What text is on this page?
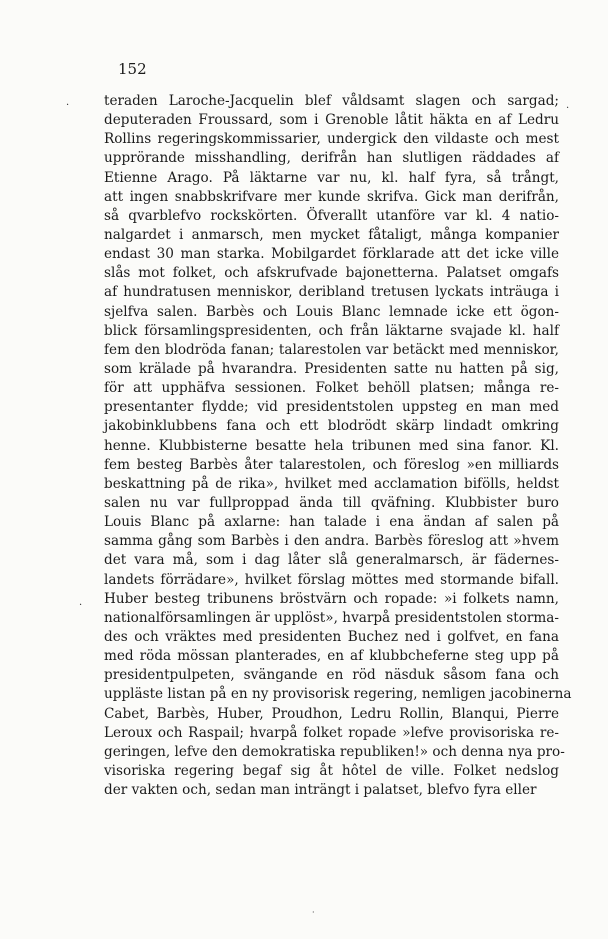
152

·	.
·
·
teraden Laroche-Jacquelin blef våldsamt slagen och sargad;
deputeraden Froussard, som i Grenoble låtit häkta en af Ledru
Rollins regeringskommissarier, undergick den vildaste och mest
upprörande misshandling, derifrån han slutligen räddades af
Etienne Arago. På läktarne var nu, kl. half fyra, så trångt,
att ingen snabbskrifvare mer kunde skrifva. Gick man derifrån,
så qvarblefvo rockskörten. Öfverallt utanföre var kl. 4 natio-
nalgardet i anmarsch, men mycket fåtaligt, många kompanier
endast 30 man starka. Mobilgardet förklarade att det icke ville
slås mot folket, och afskrufvade bajonetterna. Palatset omgafs
af hundratusen menniskor, deribland tretusen lyckats inträuga i
sjelfva salen. Barbès och Louis Blanc lemnade icke ett ögon-
blick församlingspresidenten, och från läktarne svajade kl. half
fem den blodröda fanan; talarestolen var betäckt med menniskor,
som krälade på hvarandra. Presidenten satte nu hatten på sig,
för att upphäfva sessionen. Folket behöll platsen; många re-
presentanter flydde; vid presidentstolen uppsteg en man med
jakobinklubbens fana och ett blodrödt skärp lindadt omkring
henne. Klubbisterne besatte hela tribunen med sina fanor. Kl.
fem besteg Barbès åter talarestolen, och föreslog »en milliards
beskattning på de rika», hvilket med acclamation bifölls, heldst
salen nu var fullproppad ända till qväfning. Klubbister buro
Louis Blanc på axlarne: han talade i ena ändan af salen på
samma gång som Barbès i den andra. Barbès föreslog att »hvem
det vara må, som i dag låter slå generalmarsch, är fädernes-
landets förrädare», hvilket förslag möttes med stormande bifall.
Huber besteg tribunens bröstvärn och ropade: »i folkets namn,
nationalförsamlingen är upplöst», hvarpå presidentstolen storma-
des och vräktes med presidenten Buchez ned i golfvet, en fana
med röda mössan planterades, en af klubbcheferne steg upp på
presidentpulpeten, svängande en röd näsduk såsom fana och
uppläste listan på en ny provisorisk regering, nemligen jacobinerna
Cabet, Barbès, Huber, Proudhon, Ledru Rollin, Blanqui, Pierre
Leroux och Raspail; hvarpå folket ropade »lefve provisoriska re-
geringen, lefve den demokratiska republiken!» och denna nya pro-
visoriska regering begaf sig åt hôtel de ville. Folket nedslog
der vakten och, sedan man inträngt i palatset, blefvo fyra eller
